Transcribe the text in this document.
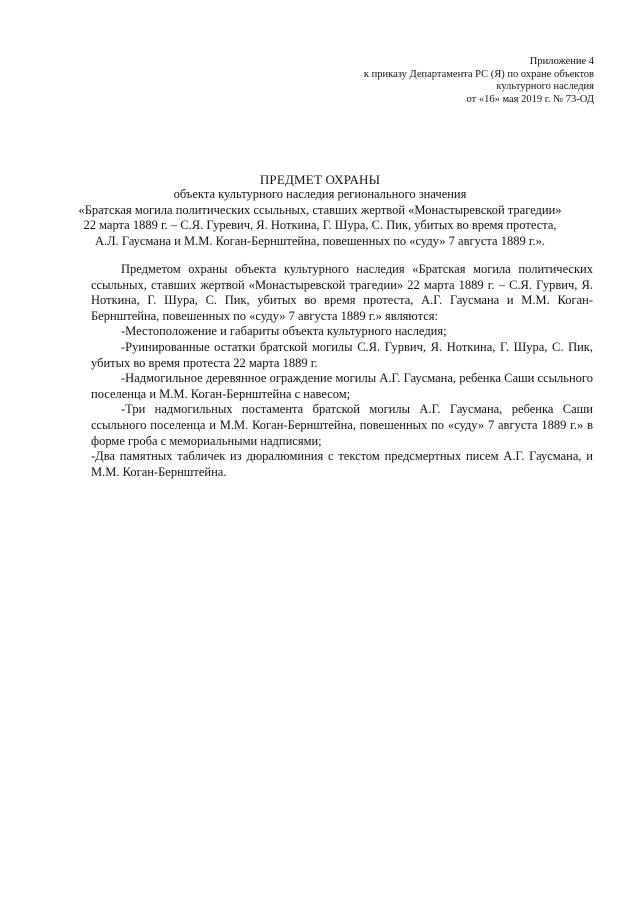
Приложение 4
к приказу Департамента РС (Я) по охране объектов
культурного наследия
от «16» мая 2019 г. № 73-ОД
ПРЕДМЕТ ОХРАНЫ
объекта культурного наследия регионального значения
«Братская могила политических ссыльных, ставших жертвой «Монастыревской трагедии»
22 марта 1889 г. – С.Я. Гуревич, Я. Ноткина, Г. Шура, С. Пик, убитых во время протеста,
А.Л. Гаусмана и М.М. Коган-Бернштейна, повешенных по «суду» 7 августа 1889 г.».

Предметом охраны объекта культурного наследия «Братская могила политических ссыльных, ставших жертвой «Монастыревской трагедии» 22 марта 1889 г. – С.Я. Гурвич, Я. Ноткина, Г. Шура, С. Пик, убитых во время протеста, А.Г. Гаусмана и М.М. Коган-Бернштейна, повешенных по «суду» 7 августа 1889 г.» являются:

-Местоположение и габариты объекта культурного наследия;

-Руинированные остатки братской могилы С.Я. Гурвич, Я. Ноткина, Г. Шура, С. Пик, убитых во время протеста 22 марта 1889 г.

-Надмогильное деревянное ограждение могилы А.Г. Гаусмана, ребенка Саши ссыльного поселенца и М.М. Коган-Бернштейна с навесом;

-Три надмогильных постамента братской могилы А.Г. Гаусмана, ребенка Саши ссыльного поселенца и М.М. Коган-Бернштейна, повешенных по «суду» 7 августа 1889 г.» в форме гроба с мемориальными надписями;

-Два памятных табличек из дюралюминия с текстом предсмертных писем А.Г. Гаусмана, и М.М. Коган-Бернштейна.
